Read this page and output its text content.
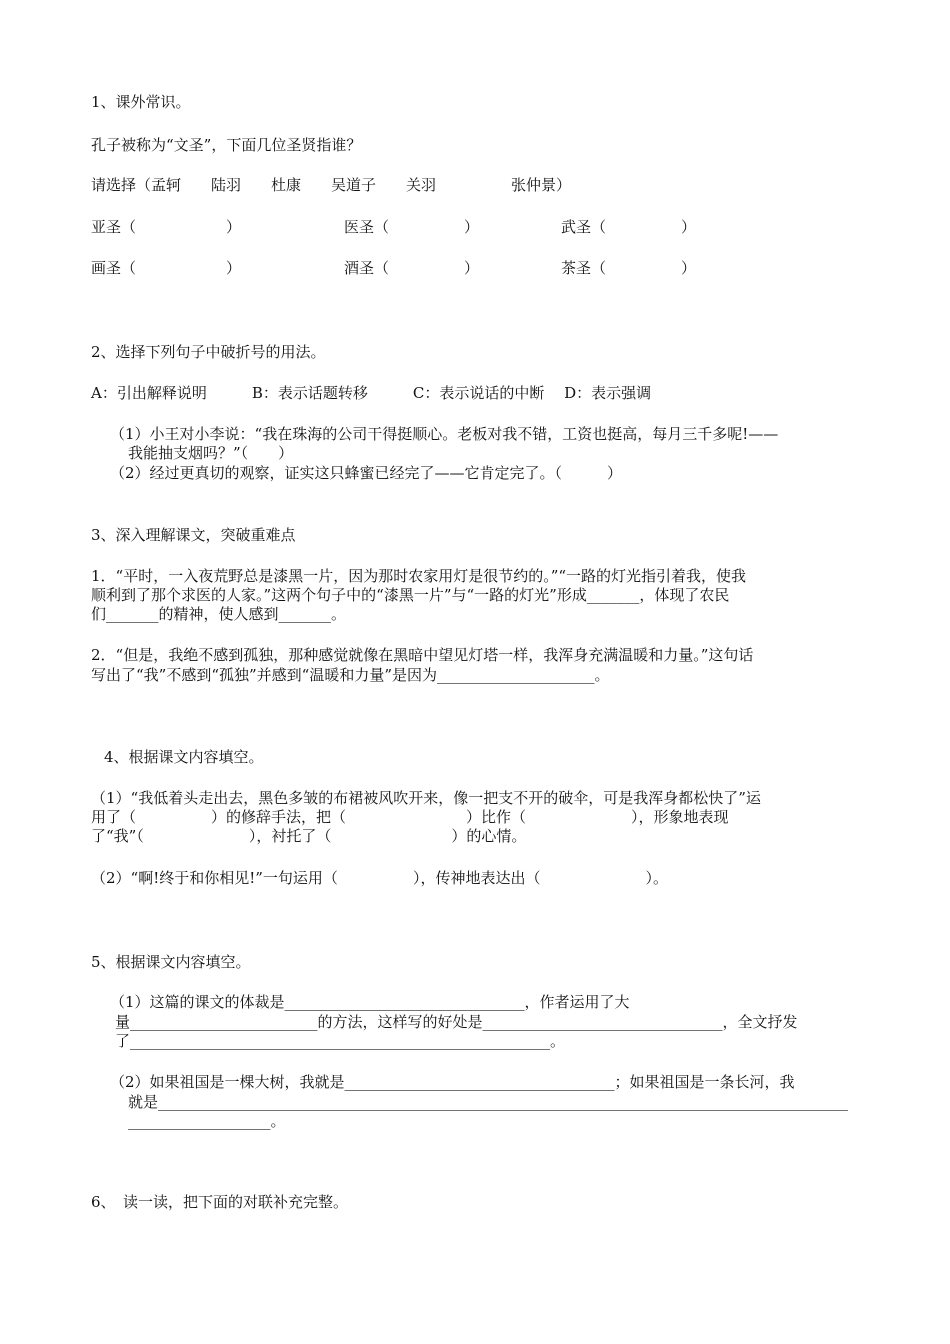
1、课外常识。
孔子被称为“文圣”，下面几位圣贤指谁？
请选择（孟轲　　陆羽　　杜康　　吴道子　　关羽　　　　　张仲景）
亚圣（　　　　　　）	医圣（　　　　　）	武圣（　　　　　）
画圣（　　　　　　）	酒圣（　　　　　）	茶圣（　　　　　）
2、选择下列句子中破折号的用法。
A：引出解释说明　　　B：表示话题转移　　　C：表示说话的中断　 D：表示强调
（1）小王对小李说：“我在珠海的公司干得挺顺心。老板对我不错，工资也挺高，每月三千多呢!——
我能抽支烟吗？”（　　）
（2）经过更真切的观察，证实这只蜂蜜已经完了——它肯定完了。（　　　）
3、深入理解课文，突破重难点
1．“平时，一入夜荒野总是漆黑一片，因为那时农家用灯是很节约的。”“一路的灯光指引着我，使我
顺利到了那个求医的人家。”这两个句子中的“漆黑一片”与“一路的灯光”形成_______，体现了农民
们_______的精神，使人感到_______。
2．“但是，我绝不感到孤独，那种感觉就像在黑暗中望见灯塔一样，我浑身充满温暖和力量。”这句话
写出了“我”不感到“孤独”并感到“温暖和力量”是因为_____________________。
4、根据课文内容填空。
（1）“我低着头走出去，黑色多皱的布裙被风吹开来，像一把支不开的破伞，可是我浑身都松快了”运
用了（　　　　　）的修辞手法，把（　　　　　　　　）比作（　　　　　　　），形象地表现
了“我”（　　　　　　　），衬托了（　　　　　　　　）的心情。
（2）“啊!终于和你相见!”一句运用（　　　　　），传神地表达出（　　　　　　　）。
5、根据课文内容填空。
（1）这篇的课文的体裁是________________________________，作者运用了大
量_________________________的方法，这样写的好处是________________________________，全文抒发
了________________________________________________________。
（2）如果祖国是一棵大树，我就是____________________________________；如果祖国是一条长河，我
就是____________________________________________________________________________________________
___________________。
6、　读一读，把下面的对联补充完整。
